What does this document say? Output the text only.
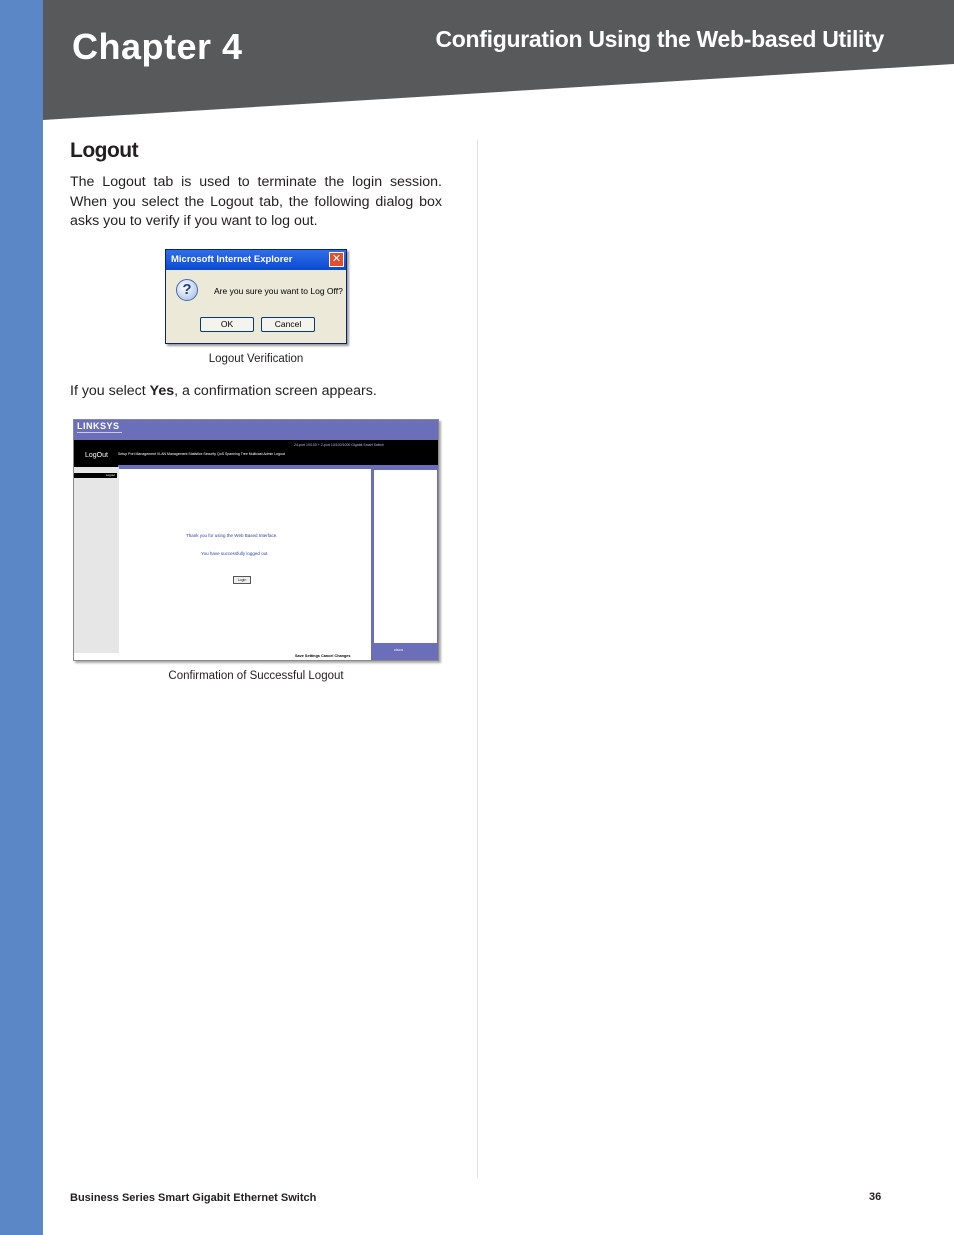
Chapter 4	Configuration Using the Web-based Utility
Logout

The Logout tab is used to terminate the login session. When you select the Logout tab, the following dialog box asks you to verify if you want to log out.

Microsoft Internet Explorer	✕
?	Are you sure you want to Log Off?
OK	Cancel
Logout Verification

If you select Yes, a confirmation screen appears.

LINKSYS
LogOut
24-port 10/100 + 2-port 10/100/1000 Gigabit Smart Switch
Setup Port Management VLAN Management Statistics Security QoS Spanning Tree Multicast Admin Logout
Logout
Thank you for using the Web Based Interface.
You have successfully logged out.
Login
Save Settings Cancel Changes
cisco
Confirmation of Successful Logout

Business Series Smart Gigabit Ethernet Switch	36
